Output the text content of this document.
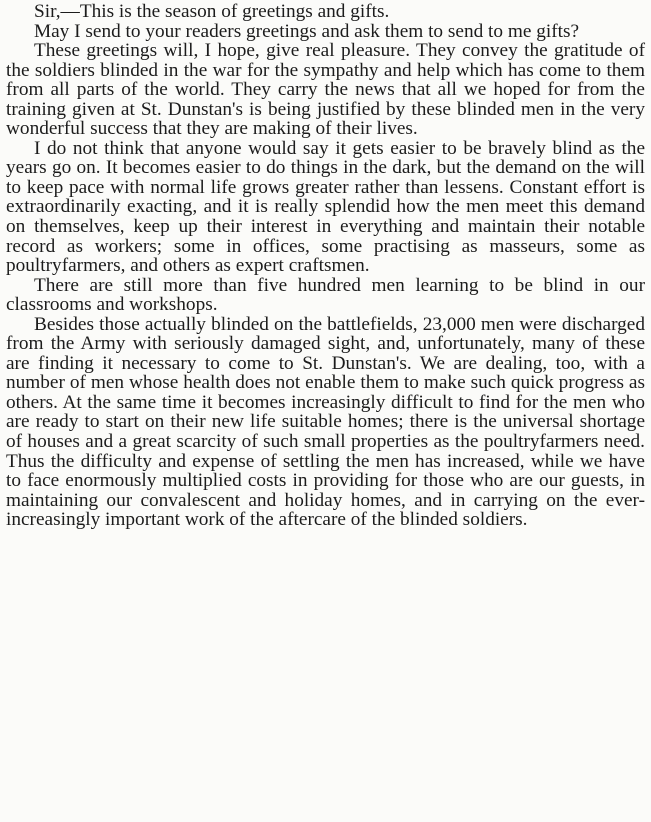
Sir,—This is the season of greetings and gifts.

May I send to your readers greetings and ask them to send to me gifts?

These greetings will, I hope, give real pleasure. They convey the gratitude of the soldiers blinded in the war for the sympathy and help which has come to them from all parts of the world. They carry the news that all we hoped for from the training given at St. Dunstan's is being justified by these blinded men in the very wonderful success that they are making of their lives.

I do not think that anyone would say it gets easier to be bravely blind as the years go on. It becomes easier to do things in the dark, but the demand on the will to keep pace with normal life grows greater rather than lessens. Constant effort is extraordinarily exacting, and it is really splendid how the men meet this demand on themselves, keep up their interest in everything and maintain their notable record as workers; some in offices, some practising as masseurs, some as poultryfarmers, and others as expert craftsmen.

There are still more than five hundred men learning to be blind in our classrooms and workshops.

Besides those actually blinded on the battlefields, 23,000 men were discharged from the Army with seriously damaged sight, and, unfortunately, many of these are finding it necessary to come to St. Dunstan's. We are dealing, too, with a number of men whose health does not enable them to make such quick progress as others. At the same time it becomes increasingly difficult to find for the men who are ready to start on their new life suitable homes; there is the universal shortage of houses and a great scarcity of such small properties as the poultryfarmers need. Thus the difficulty and expense of settling the men has increased, while we have to face enormously multiplied costs in providing for those who are our guests, in maintaining our convalescent and holiday homes, and in carrying on the ever-increasingly important work of the aftercare of the blinded soldiers.
